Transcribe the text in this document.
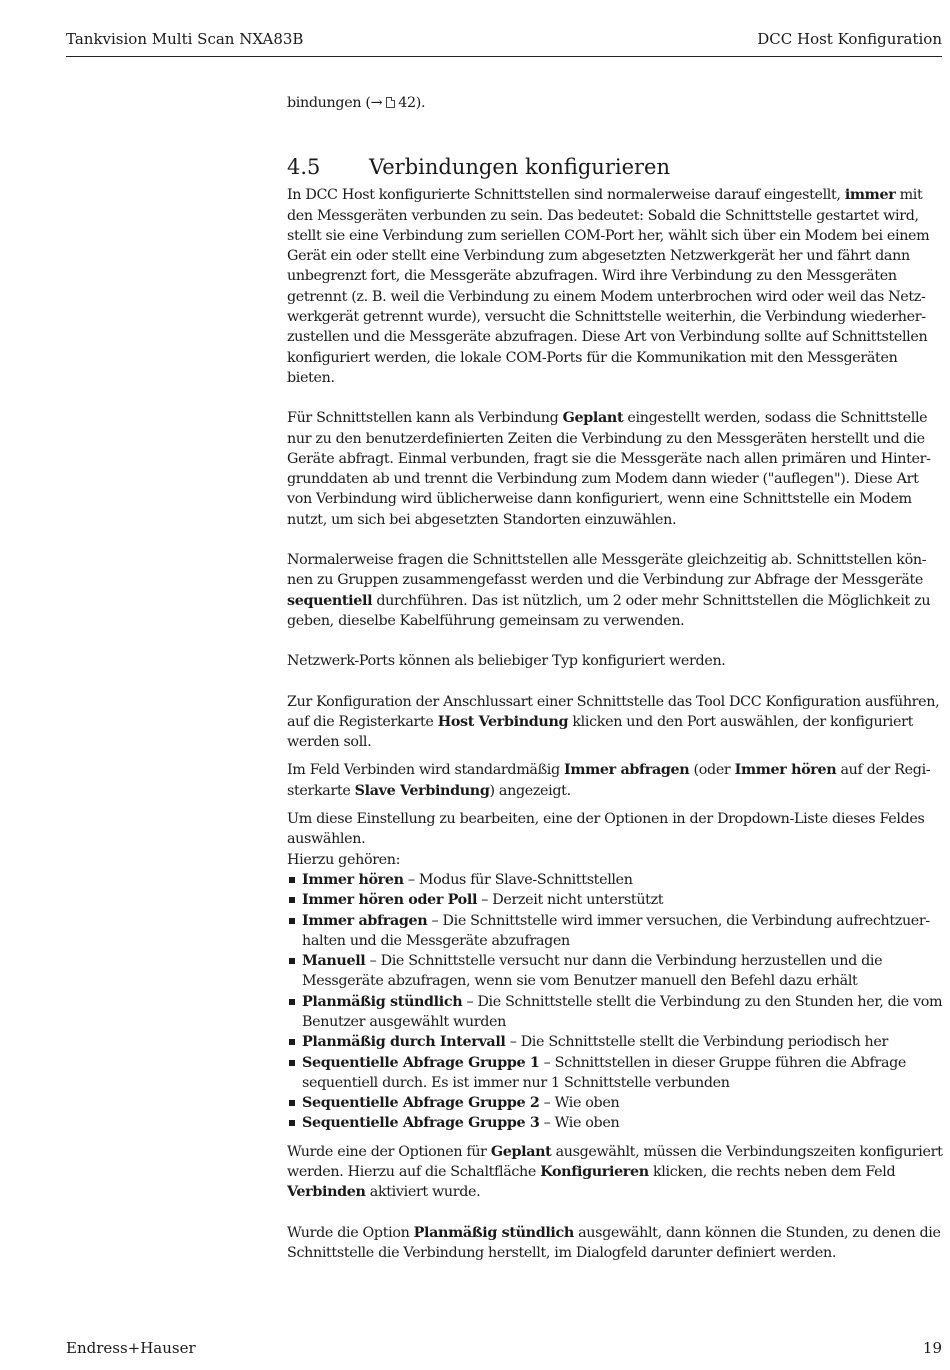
Tankvision Multi Scan NXA83B	DCC Host Konfiguration

bindungen (→ 42).

4.5 Verbindungen konfigurieren

In DCC Host konfigurierte Schnittstellen sind normalerweise darauf eingestellt, immer mit den Messgeräten verbunden zu sein. Das bedeutet: Sobald die Schnittstelle gestartet wird, stellt sie eine Verbindung zum seriellen COM-Port her, wählt sich über ein Modem bei einem Gerät ein oder stellt eine Verbindung zum abgesetzten Netzwerkgerät her und fährt dann unbegrenzt fort, die Messgeräte abzufragen. Wird ihre Verbindung zu den Messgeräten getrennt (z. B. weil die Verbindung zu einem Modem unterbrochen wird oder weil das Netzwerkgerät getrennt wurde), versucht die Schnittstelle weiterhin, die Verbindung wiederherzustellen und die Messgeräte abzufragen. Diese Art von Verbindung sollte auf Schnittstellen konfiguriert werden, die lokale COM-Ports für die Kommunikation mit den Messgeräten bieten.

Für Schnittstellen kann als Verbindung Geplant eingestellt werden, sodass die Schnittstelle nur zu den benutzerdefinierten Zeiten die Verbindung zu den Messgeräten herstellt und die Geräte abfragt. Einmal verbunden, fragt sie die Messgeräte nach allen primären und Hintergrunddaten ab und trennt die Verbindung zum Modem dann wieder ("auflegen"). Diese Art von Verbindung wird üblicherweise dann konfiguriert, wenn eine Schnittstelle ein Modem nutzt, um sich bei abgesetzten Standorten einzuwählen.

Normalerweise fragen die Schnittstellen alle Messgeräte gleichzeitig ab. Schnittstellen können zu Gruppen zusammengefasst werden und die Verbindung zur Abfrage der Messgeräte sequentiell durchführen. Das ist nützlich, um 2 oder mehr Schnittstellen die Möglichkeit zu geben, dieselbe Kabelführung gemeinsam zu verwenden.

Netzwerk-Ports können als beliebiger Typ konfiguriert werden.

Zur Konfiguration der Anschlussart einer Schnittstelle das Tool DCC Konfiguration ausführen, auf die Registerkarte Host Verbindung klicken und den Port auswählen, der konfiguriert werden soll.

Im Feld Verbinden wird standardmäßig Immer abfragen (oder Immer hören auf der Registerkarte Slave Verbindung) angezeigt.

Um diese Einstellung zu bearbeiten, eine der Optionen in der Dropdown-Liste dieses Feldes auswählen.
Hierzu gehören:

Immer hören – Modus für Slave-Schnittstellen
Immer hören oder Poll – Derzeit nicht unterstützt
Immer abfragen – Die Schnittstelle wird immer versuchen, die Verbindung aufrechtzuerhalten und die Messgeräte abzufragen
Manuell – Die Schnittstelle versucht nur dann die Verbindung herzustellen und die Messgeräte abzufragen, wenn sie vom Benutzer manuell den Befehl dazu erhält
Planmäßig stündlich – Die Schnittstelle stellt die Verbindung zu den Stunden her, die vom Benutzer ausgewählt wurden
Planmäßig durch Intervall – Die Schnittstelle stellt die Verbindung periodisch her
Sequentielle Abfrage Gruppe 1 – Schnittstellen in dieser Gruppe führen die Abfrage sequentiell durch. Es ist immer nur 1 Schnittstelle verbunden
Sequentielle Abfrage Gruppe 2 – Wie oben
Sequentielle Abfrage Gruppe 3 – Wie oben

Wurde eine der Optionen für Geplant ausgewählt, müssen die Verbindungszeiten konfiguriert werden. Hierzu auf die Schaltfläche Konfigurieren klicken, die rechts neben dem Feld Verbinden aktiviert wurde.

Wurde die Option Planmäßig stündlich ausgewählt, dann können die Stunden, zu denen die Schnittstelle die Verbindung herstellt, im Dialogfeld darunter definiert werden.

Endress+Hauser	19
